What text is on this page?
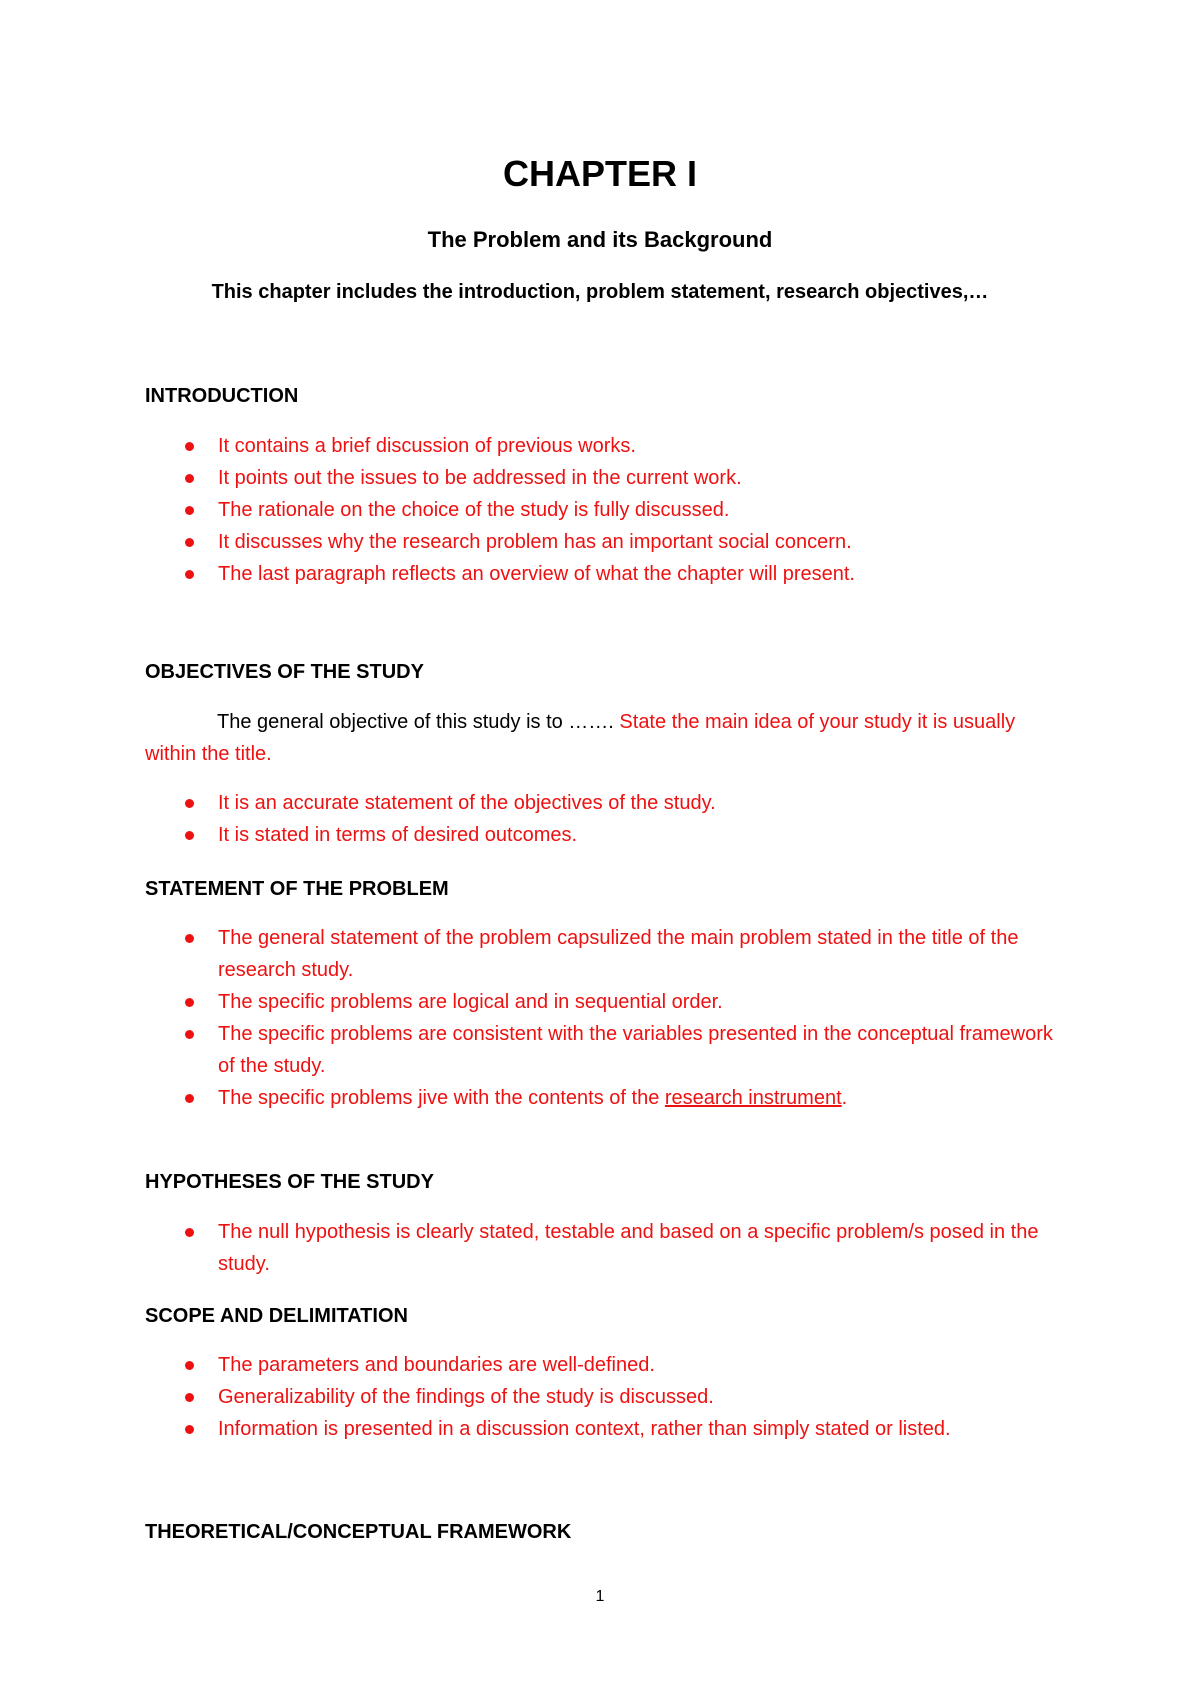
CHAPTER I
The Problem and its Background
This chapter includes the introduction, problem statement, research objectives,…
INTRODUCTION
It contains a brief discussion of previous works.
It points out the issues to be addressed in the current work.
The rationale on the choice of the study is fully discussed.
It discusses why the research problem has an important social concern.
The last paragraph reflects an overview of what the chapter will present.
OBJECTIVES OF THE STUDY
The general objective of this study is to ……. State the main idea of your study it is usually within the title.
It is an accurate statement of the objectives of the study.
It is stated in terms of desired outcomes.
STATEMENT OF THE PROBLEM
The general statement of the problem capsulized the main problem stated in the title of the research study.
The specific problems are logical and in sequential order.
The specific problems are consistent with the variables presented in the conceptual framework of the study.
The specific problems jive with the contents of the research instrument.
HYPOTHESES OF THE STUDY
The null hypothesis is clearly stated, testable and based on a specific problem/s posed in the study.
SCOPE AND DELIMITATION
The parameters and boundaries are well-defined.
Generalizability of the findings of the study is discussed.
Information is presented in a discussion context, rather than simply stated or listed.
THEORETICAL/CONCEPTUAL FRAMEWORK
1
